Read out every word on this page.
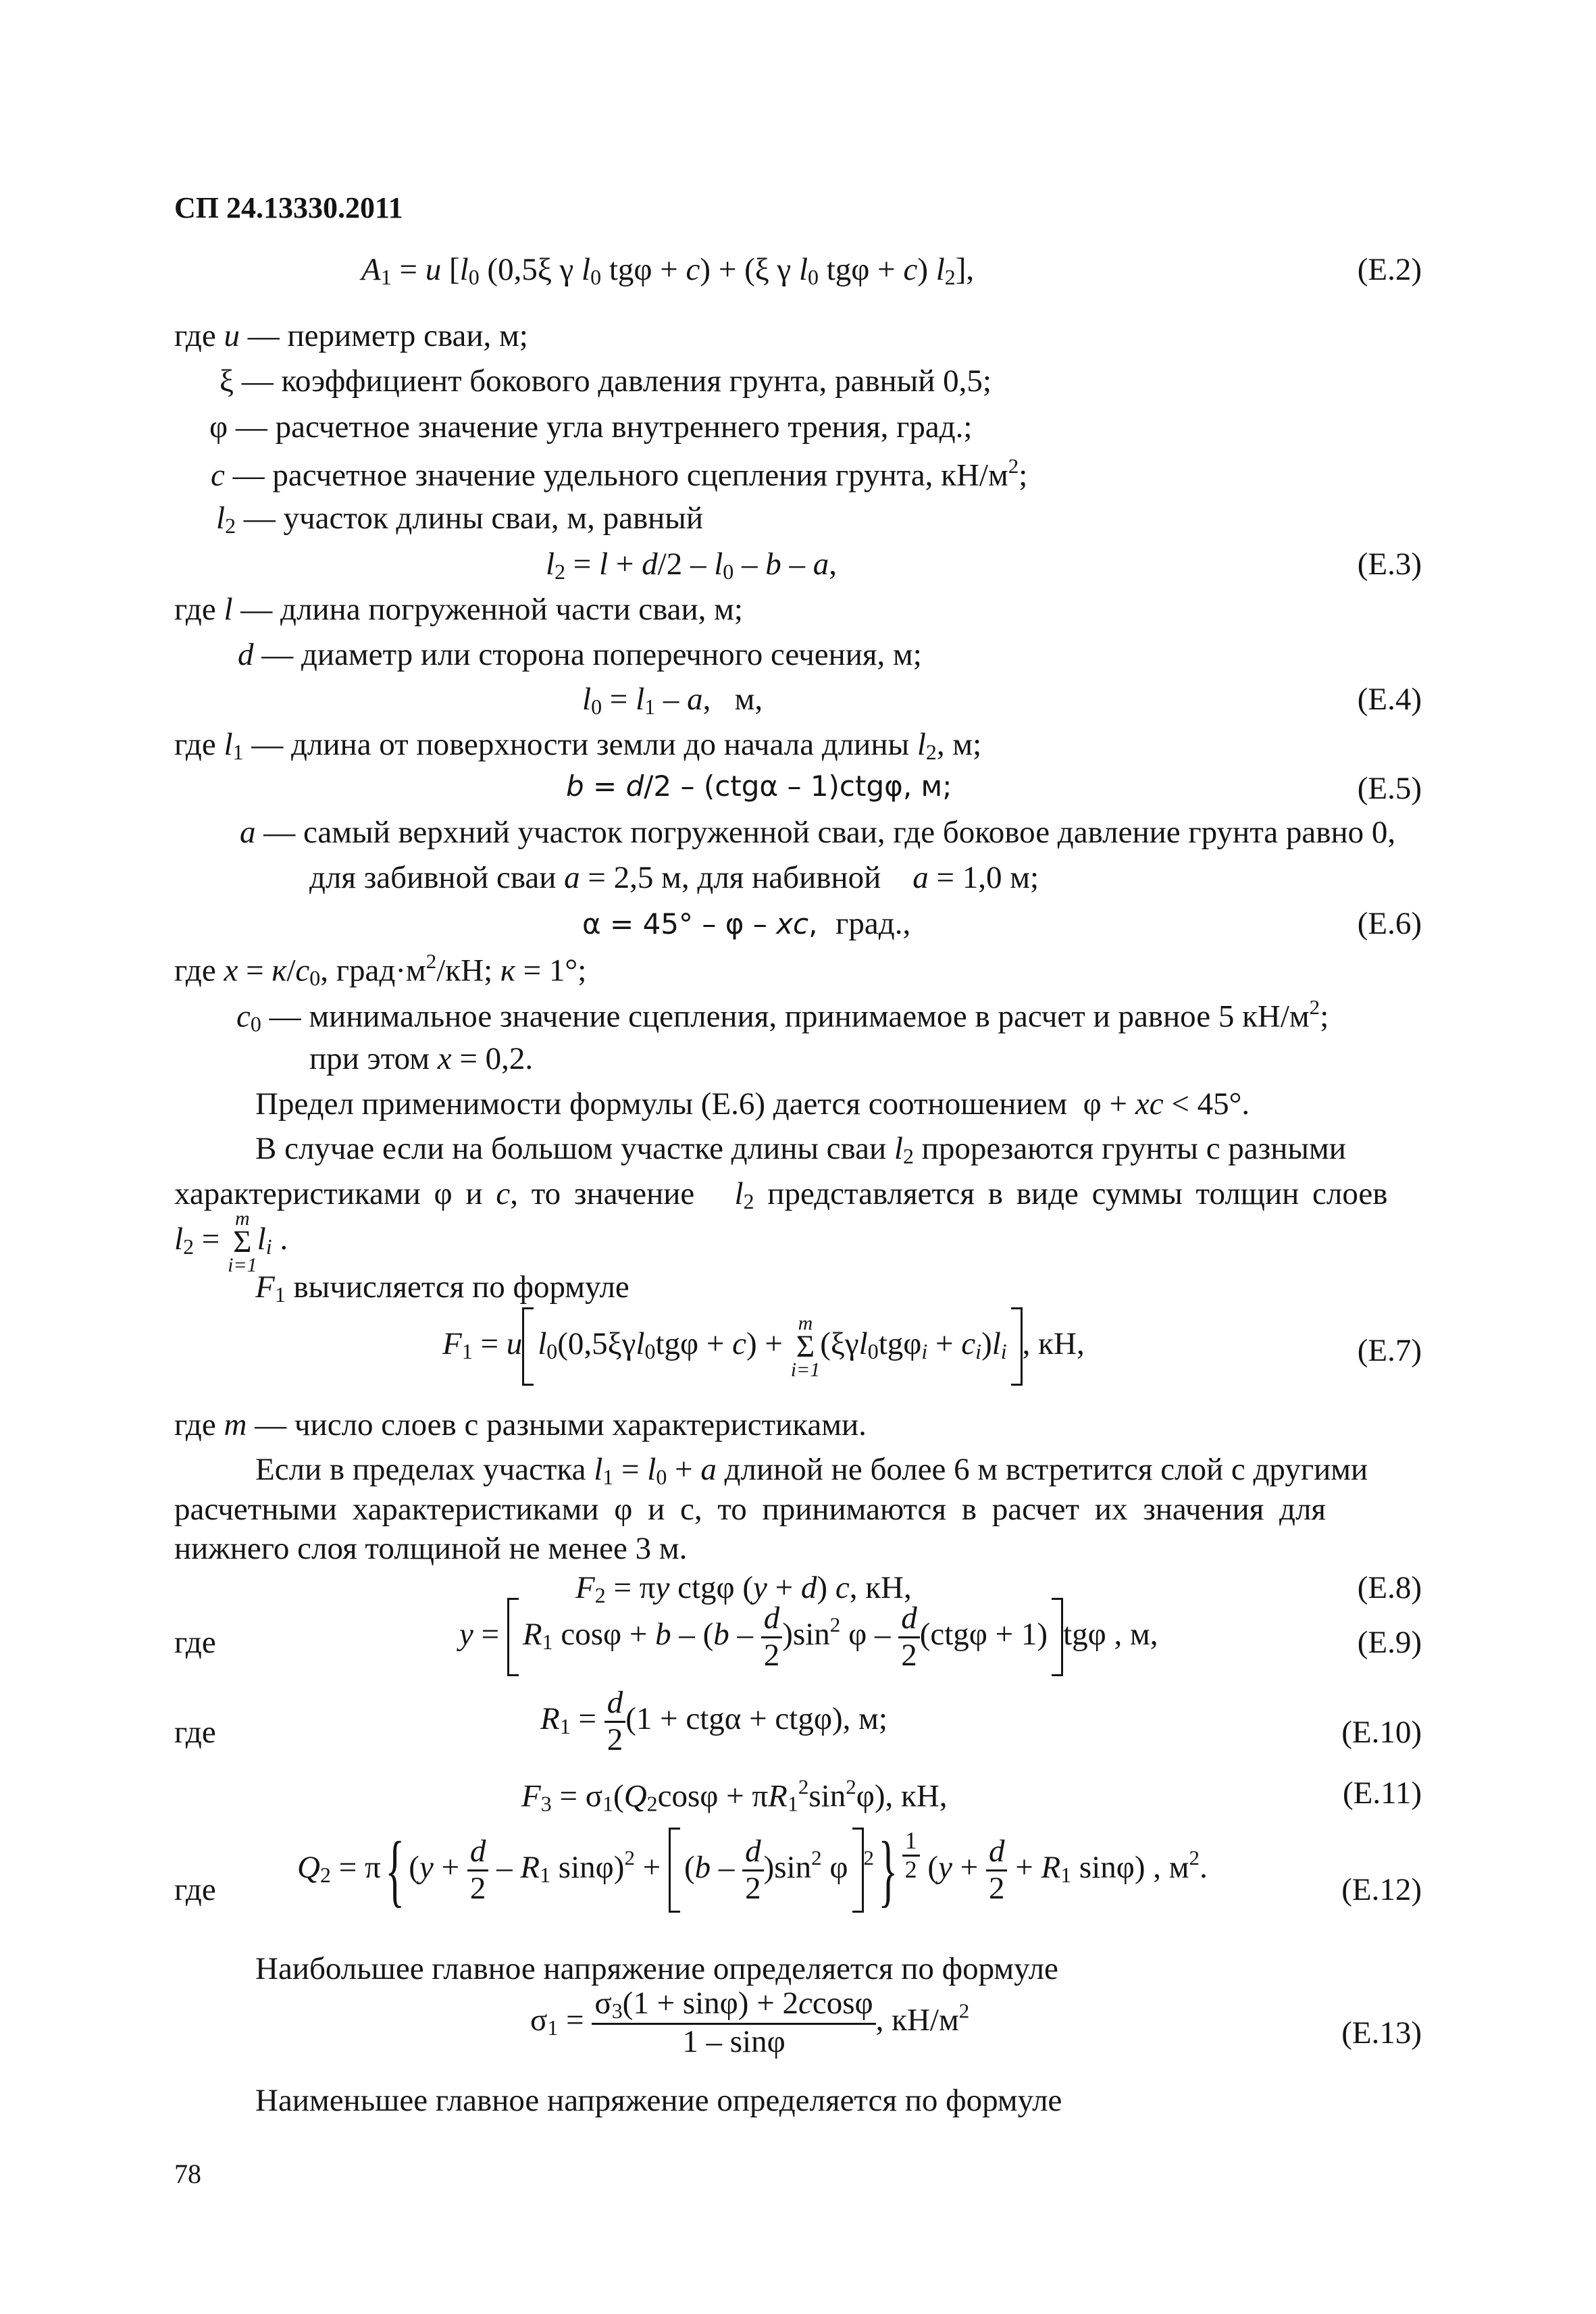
СП 24.13330.2011
$A_1 = u$ [$l_0$ (0,5ξ γ $l_0$ tgφ + c) + (ξ γ $l_0$ tgφ + c) $l_2$],	(Е.2)
где u — периметр сваи, м;
ξ — коэффициент бокового давления грунта, равный 0,5;
φ — расчетное значение угла внутреннего трения, град.;
c — расчетное значение удельного сцепления грунта, $кН/м^2$;
$l_2$ — участок длины сваи, м, равный
$l_2 = l + d/2 - l_0 - b - a$,	(Е.3)
где l — длина погруженной части сваи, м;
d — диаметр или сторона поперечного сечения, м;
$l_0 = l_1 - a$,   м,	(Е.4)
где $l_1$ — длина от поверхности земли до начала длины $l_2$, м;
b = d/2 – (ctgα – 1)ctgφ, м;	(Е.5)
a — самый верхний участок погруженной сваи, где боковое давление грунта равно 0,
для забивной сваи a = 2,5 м, для набивной a = 1,0 м;
α = 45° – φ – xc,  град.,	(Е.6)
где $x = к/c_0$, $град\cdot м^2/кН$; к = 1°;
$c_0$ — минимальное значение сцепления, принимаемое в расчет и равное 5 $кН/м^2$;
при этом x = 0,2.
Предел применимости формулы (Е.6) дается соотношением  φ + xc < 45°.
В случае если на большом участке длины сваи $l_2$ прорезаются грунты с разными
характеристиками φ и c, то значение $l_2$ представляется в виде суммы толщин слоев
$l_2$ =
m
Σ
i=1
$l_i$ .
$F_1$ вычисляется по формуле
$F_1 = u$ $l_0(0,5\xi\gamma l_0tg\varphi + c)$ +
m
Σ
i=1
$(\xi\gamma l_0tg\varphi_i + c_i)l_i$ , кН,	(Е.7)
где m — число слоев с разными характеристиками.
Если в пределах участка $l_1 = l_0 + a$ длиной не более 6 м встретится слой с другими
расчетными характеристиками φ и с, то принимаются в расчет их значения для
нижнего слоя толщиной не менее 3 м.
$F_2 = \pi y$ ctgφ (y + d) c, кН,	(Е.8)
где	$y = R_1$ $\cos\varphi + b - (b - \frac{d}{2} )\sin^2$ $\varphi - \frac{d}{2} (ctg\varphi + 1)$ tgφ , м,	(Е.9)
где	$R_1 = \frac{d}{2} (1 + ctg\alpha + ctg\varphi)$, м;	(Е.10)
$F_3 = \sigma_1(Q_2\cos\varphi + \pi R_1^2\sin^2\varphi)$, кН,	(Е.11)
где
$Q_2 = \pi${ ($y + \frac{d}{2} - R_1$ $\sin\varphi)^2 + (b - \frac{d}{2} )\sin^2$ φ $^2\} \frac{1}{2} (y + \frac{d}{2} + R_1$ sinφ) , $м^2$.
(Е.12)
Наибольшее главное напряжение определяется по формуле
$\sigma_1 = \frac{\sigma_3(1 + \sin\varphi) + 2ccos\varphi}{1 - \sin\varphi}$ , $кН/м^2$
(Е.13)
Наименьшее главное напряжение определяется по формуле
78
